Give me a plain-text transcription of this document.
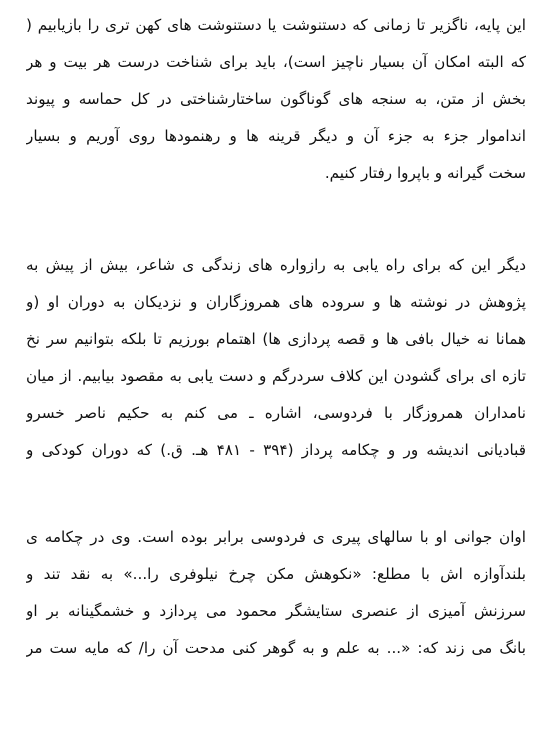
این پایه، ناگزیر تا زمانی که دستنوشت یا دستنوشت های کهن تری را بازیابیم (
که البته امکان آن بسیار ناچیز است)، باید برای شناخت درست هر بیت و هر
بخش از متن، به سنجه های گوناگون ساختارشناختی در کل حماسه و پیوند
انداموار جزء به جزء آن و دیگر قرینه ها و رهنمودها روی آوریم و بسیار
سخت گیرانه و باپروا رفتار کنیم.
دیگر این که برای راه یابی به رازواره های زندگی ی شاعر، بیش از پیش به
پژوهش در نوشته ها و سروده های همروزگاران و نزدیکان به دوران او (و
همانا نه خیال بافی ها و قصه پردازی ها) اهتمام بورزیم تا بلکه بتوانیم سر نخ
تازه ای برای گشودن این کلاف سردرگم و دست یابی به مقصود بیابیم. از میان
نامداران همروزگار با فردوسی، اشاره ـ می کنم به حکیم ناصر خسرو
قبادیانی اندیشه ور و چکامه پرداز (۳۹۴ - ۴۸۱ هـ. ق.) که دوران کودکی و
اوان جوانی او با سالهای پیری ی فردوسی برابر بوده است. وی در چکامه ی
بلندآوازه اش با مطلع: «نکوهش مکن چرخ نیلوفری را...» به نقد تند و
سرزنش آمیزی از عنصری ستایشگر محمود می پردازد و خشمگینانه بر او
بانگ می زند که: «... به علم و به گوهر کنی مدحت آن را/ که مایه ست مر
